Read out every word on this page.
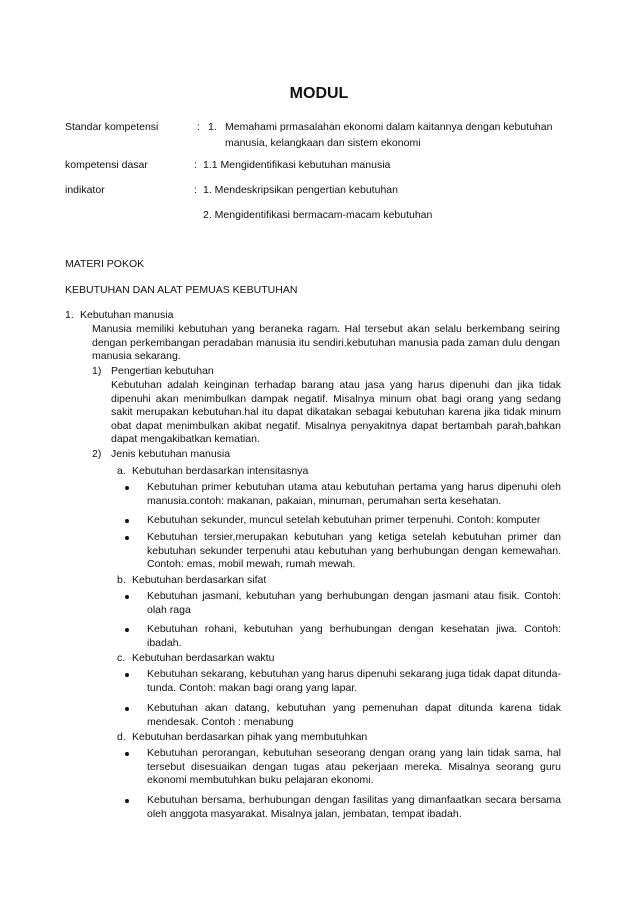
MODUL
Standar kompetensi	: 1. Memahami prmasalahan ekonomi dalam kaitannya dengan kebutuhan
manusia, kelangkaan dan sistem ekonomi
kompetensi dasar	: 1.1 Mengidentifikasi kebutuhan manusia
indikator	: 1. Mendeskripsikan pengertian kebutuhan
2. Mengidentifikasi bermacam-macam kebutuhan
MATERI POKOK
KEBUTUHAN DAN ALAT PEMUAS KEBUTUHAN
1. Kebutuhan manusia
Manusia memiliki kebutuhan yang beraneka ragam. Hal tersebut akan selalu berkembang seiring dengan perkembangan peradaban manusia itu sendiri.kebutuhan manusia pada zaman dulu dengan manusia sekarang.
1) Pengertian kebutuhan
Kebutuhan adalah keinginan terhadap barang atau jasa yang harus dipenuhi dan jika tidak dipenuhi akan menimbulkan dampak negatif. Misalnya minum obat bagi orang yang sedang sakit merupakan kebutuhan.hal itu dapat dikatakan sebagai kebutuhan karena jika tidak minum obat dapat menimbulkan akibat negatif. Misalnya penyakitnya dapat bertambah parah,bahkan dapat mengakibatkan kematian.
2) Jenis kebutuhan manusia
a. Kebutuhan berdasarkan intensitasnya
Kebutuhan primer kebutuhan utama atau kebutuhan pertama yang harus dipenuhi oleh manusia.contoh: makanan, pakaian, minuman, perumahan serta kesehatan.
Kebutuhan sekunder, muncul setelah kebutuhan primer terpenuhi. Contoh: komputer
Kebutuhan tersier,merupakan kebutuhan yang ketiga setelah kebutuhan primer dan kebutuhan sekunder terpenuhi atau kebutuhan yang berhubungan dengan kemewahan. Contoh: emas, mobil mewah, rumah mewah.
b. Kebutuhan berdasarkan sifat
Kebutuhan jasmani, kebutuhan yang berhubungan dengan jasmani atau fisik. Contoh: olah raga
Kebutuhan rohani, kebutuhan yang berhubungan dengan kesehatan jiwa. Contoh: ibadah.
c. Kebutuhan berdasarkan waktu
Kebutuhan sekarang, kebutuhan yang harus dipenuhi sekarang juga tidak dapat ditunda-tunda. Contoh: makan bagi orang yang lapar.
Kebutuhan akan datang, kebutuhan yang pemenuhan dapat ditunda karena tidak mendesak. Contoh : menabung
d. Kebutuhan berdasarkan pihak yang membutuhkan
Kebutuhan perorangan, kebutuhan seseorang dengan orang yang lain tidak sama, hal tersebut disesuaikan dengan tugas atau pekerjaan mereka. Misalnya seorang guru ekonomi membutuhkan buku pelajaran ekonomi.
Kebutuhan bersama, berhubungan dengan fasilitas yang dimanfaatkan secara bersama oleh anggota masyarakat. Misalnya jalan, jembatan, tempat ibadah.
